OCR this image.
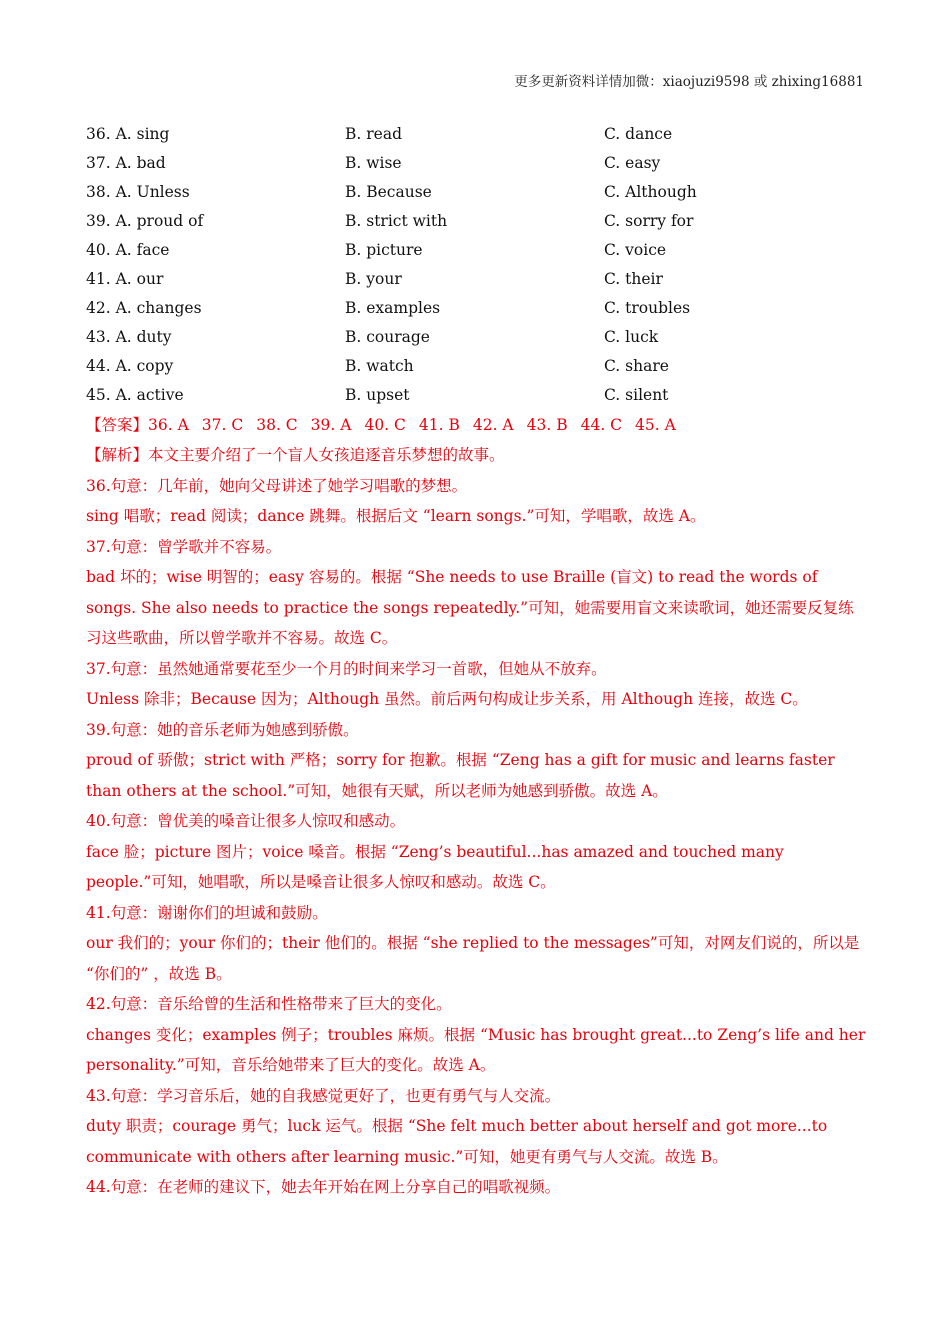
更多更新资料详情加微：xiaojuzi9598 或 zhixing16881
36. A. sing	B. read	C. dance
37. A. bad	B. wise	C. easy
38. A. Unless	B. Because	C. Although
39. A. proud of	B. strict with	C. sorry for
40. A. face	B. picture	C. voice
41. A. our	B. your	C. their
42. A. changes	B. examples	C. troubles
43. A. duty	B. courage	C. luck
44. A. copy	B. watch	C. share
45. A. active	B. upset	C. silent
【答案】36. A 37. C 38. C 39. A 40. C 41. B 42. A 43. B 44. C 45. A
【解析】本文主要介绍了一个盲人女孩追逐音乐梦想的故事。
36.句意：几年前，她向父母讲述了她学习唱歌的梦想。
sing 唱歌；read 阅读；dance 跳舞。根据后文 “learn songs.”可知，学唱歌，故选 A。
37.句意：曾学歌并不容易。
bad 坏的；wise 明智的；easy 容易的。根据 “She needs to use Braille (盲文) to read the words of songs. She also needs to practice the songs repeatedly.”可知，她需要用盲文来读歌词，她还需要反复练习这些歌曲，所以曾学歌并不容易。故选 C。
37.句意：虽然她通常要花至少一个月的时间来学习一首歌，但她从不放弃。
Unless 除非；Because 因为；Although 虽然。前后两句构成让步关系，用 Although 连接，故选 C。
39.句意：她的音乐老师为她感到骄傲。
proud of 骄傲；strict with 严格；sorry for 抱歉。根据 “Zeng has a gift for music and learns faster than others at the school.”可知，她很有天赋，所以老师为她感到骄傲。故选 A。
40.句意：曾优美的嗓音让很多人惊叹和感动。
face 脸；picture 图片；voice 嗓音。根据 “Zeng’s beautiful...has amazed and touched many people.”可知，她唱歌，所以是嗓音让很多人惊叹和感动。故选 C。
41.句意：谢谢你们的坦诚和鼓励。
our 我们的；your 你们的；their 他们的。根据 “she replied to the messages”可知，对网友们说的，所以是 “你们的” ，故选 B。
42.句意：音乐给曾的生活和性格带来了巨大的变化。
changes 变化；examples 例子；troubles 麻烦。根据 “Music has brought great...to Zeng’s life and her personality.”可知，音乐给她带来了巨大的变化。故选 A。
43.句意：学习音乐后，她的自我感觉更好了，也更有勇气与人交流。
duty 职责；courage 勇气；luck 运气。根据 “She felt much better about herself and got more...to communicate with others after learning music.”可知，她更有勇气与人交流。故选 B。
44.句意：在老师的建议下，她去年开始在网上分享自己的唱歌视频。
